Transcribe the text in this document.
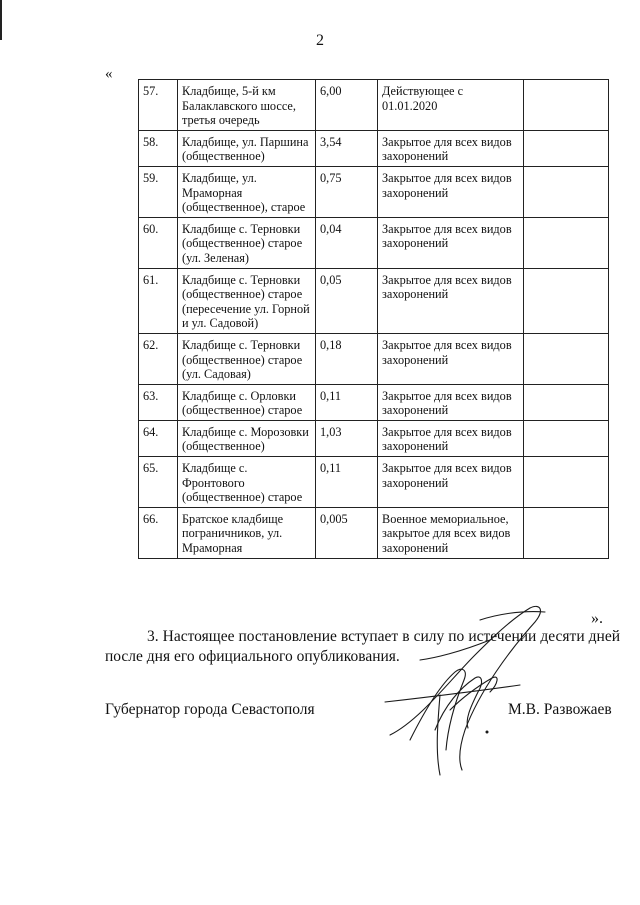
2
«
57.	Кладбище, 5-й км Балаклавского шоссе, третья очередь	6,00	Действующее с 01.01.2020	
58.	Кладбище, ул. Паршина (общественное)	3,54	Закрытое для всех видов захоронений	
59.	Кладбище, ул. Мраморная (общественное), старое	0,75	Закрытое для всех видов захоронений	
60.	Кладбище с. Терновки (общественное) старое (ул. Зеленая)	0,04	Закрытое для всех видов захоронений	
61.	Кладбище с. Терновки (общественное) старое (пересечение ул. Горной и ул. Садовой)	0,05	Закрытое для всех видов захоронений	
62.	Кладбище с. Терновки (общественное) старое (ул. Садовая)	0,18	Закрытое для всех видов захоронений	
63.	Кладбище с. Орловки (общественное) старое	0,11	Закрытое для всех видов захоронений	
64.	Кладбище с. Морозовки (общественное)	1,03	Закрытое для всех видов захоронений	
65.	Кладбище с. Фронтового (общественное) старое	0,11	Закрытое для всех видов захоронений	
66.	Братское кладбище пограничников, ул. Мраморная	0,005	Военное мемориальное, закрытое для всех видов захоронений	
».
3. Настоящее постановление вступает в силу по истечении десяти дней после дня его официального опубликования.
Губернатор города Севастополя	М.В. Развожаев
